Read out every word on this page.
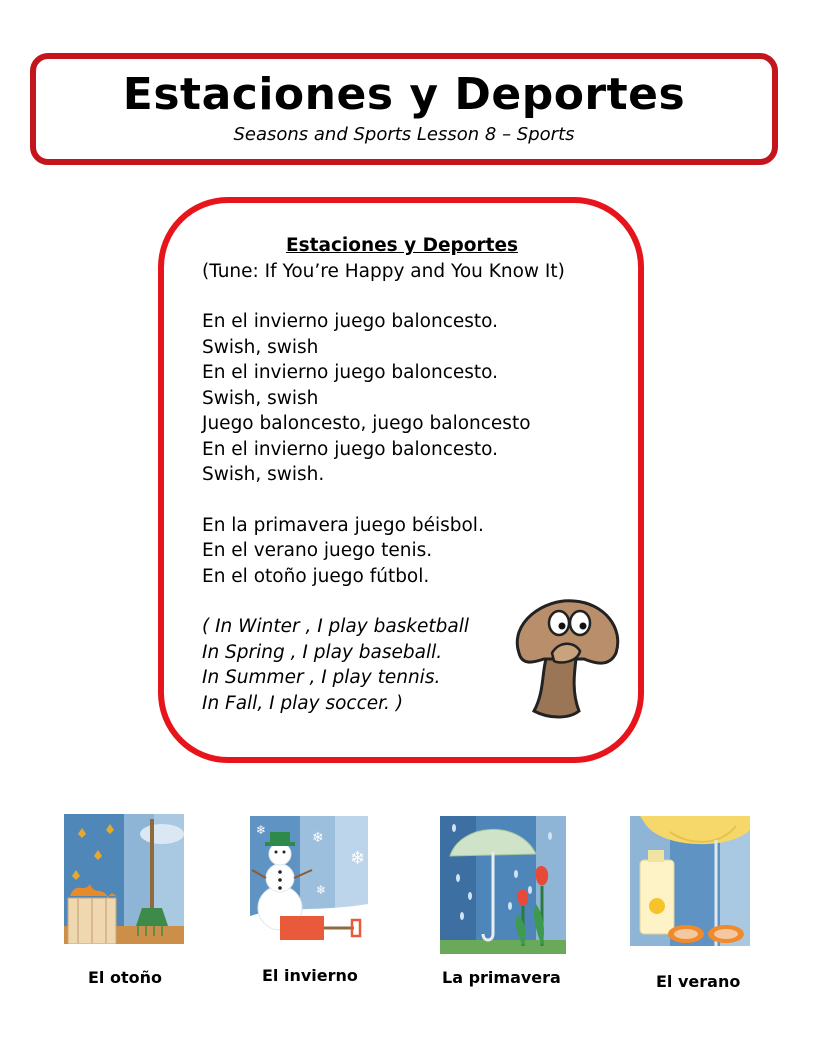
Estaciones y Deportes
Seasons and Sports Lesson 8 – Sports
Estaciones y Deportes
(Tune: If You’re Happy and You Know It)
En el invierno juego baloncesto.
Swish, swish
En el invierno juego baloncesto.
Swish, swish
Juego baloncesto, juego baloncesto
En el invierno juego baloncesto.
Swish, swish.
En la primavera juego béisbol.
En el verano juego tenis.
En el otoño juego fútbol.
( In Winter , I play basketball
In Spring , I play baseball.
In Summer , I play tennis.
In Fall, I play soccer. )
El otoño
❄
❄
❄
❄
El invierno	La primavera	El verano
